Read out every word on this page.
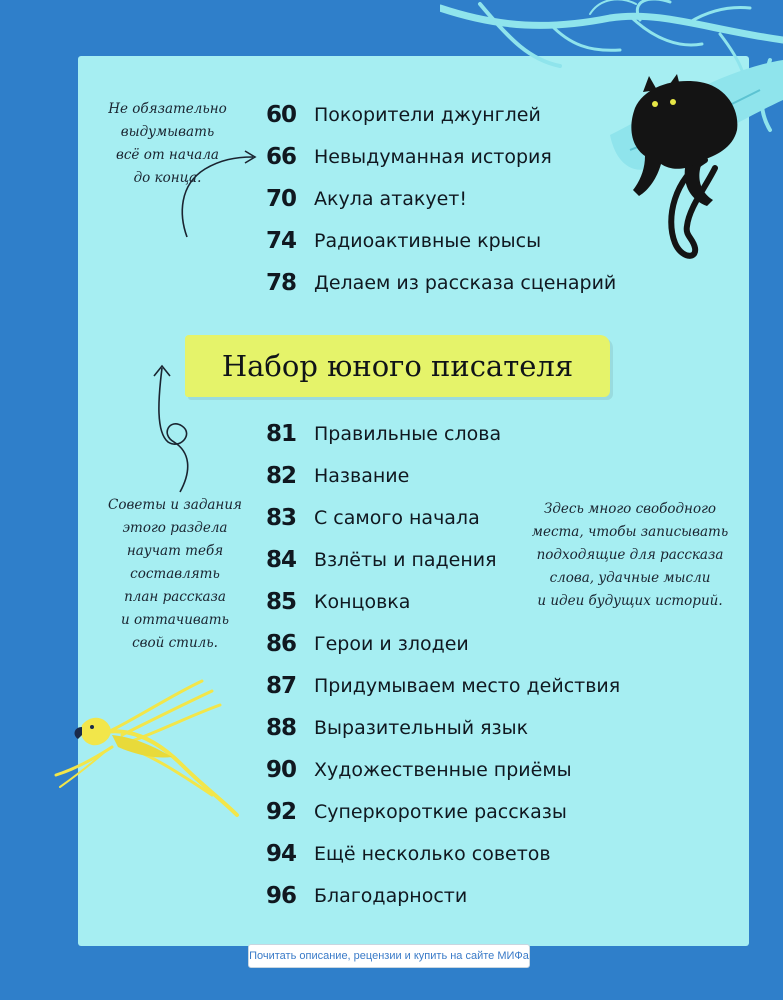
Не обязательно
выдумывать
всё от начала
до конца.
Советы и задания
этого раздела
научат тебя
составлять
план рассказа
и оттачивать
свой стиль.
Здесь много свободного
места, чтобы записывать
подходящие для рассказа
слова, удачные мысли
и идеи будущих историй.
60 Покорители джунглей
66 Невыдуманная история
70 Акула атакует!
74 Радиоактивные крысы
78 Делаем из рассказа сценарий
Набор юного писателя
81 Правильные слова
82 Название
83 С самого начала
84 Взлёты и падения
85 Концовка
86 Герои и злодеи
87 Придумываем место действия
88 Выразительный язык
90 Художественные приёмы
92 Суперкороткие рассказы
94 Ещё несколько советов
96 Благодарности
Почитать описание, рецензии и купить на сайте МИФа
